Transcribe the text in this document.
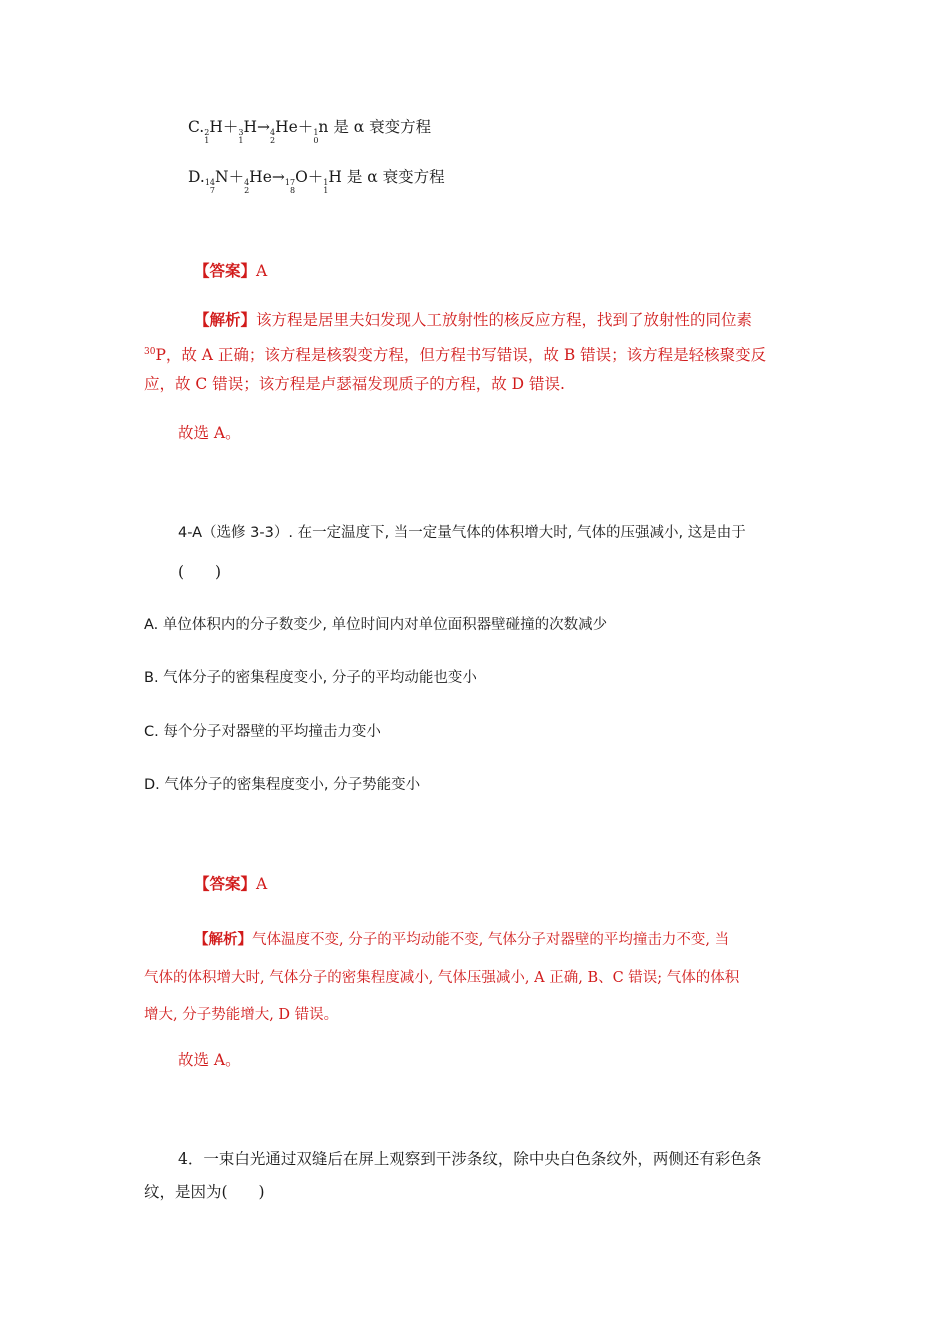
C. 2
1
H＋ 3
1
H→ 4
2
He＋ 1
0
n 是 α 衰变方程
D. 14
7
N＋ 4
2
He→ 17
8
O＋ 1
1
H 是 α 衰变方程
【答案】A
【解析】该方程是居里夫妇发现人工放射性的核反应方程，找到了放射性的同位素
$^{30}$P，故 A 正确；该方程是核裂变方程，但方程书写错误，故 B 错误；该方程是轻核聚变反
应，故 C 错误；该方程是卢瑟福发现质子的方程，故 D 错误.
故选 A。
4-A（选修 3-3）. 在一定温度下, 当一定量气体的体积增大时, 气体的压强减小, 这是由于
(　　)
A. 单位体积内的分子数变少, 单位时间内对单位面积器壁碰撞的次数减少
B. 气体分子的密集程度变小, 分子的平均动能也变小
C. 每个分子对器壁的平均撞击力变小
D. 气体分子的密集程度变小, 分子势能变小
【答案】A
【解析】气体温度不变, 分子的平均动能不变, 气体分子对器壁的平均撞击力不变, 当
气体的体积增大时, 气体分子的密集程度减小, 气体压强减小, A 正确, B、C 错误; 气体的体积
增大, 分子势能增大, D 错误。
故选 A。
4．一束白光通过双缝后在屏上观察到干涉条纹，除中央白色条纹外，两侧还有彩色条
纹，是因为(　　)
